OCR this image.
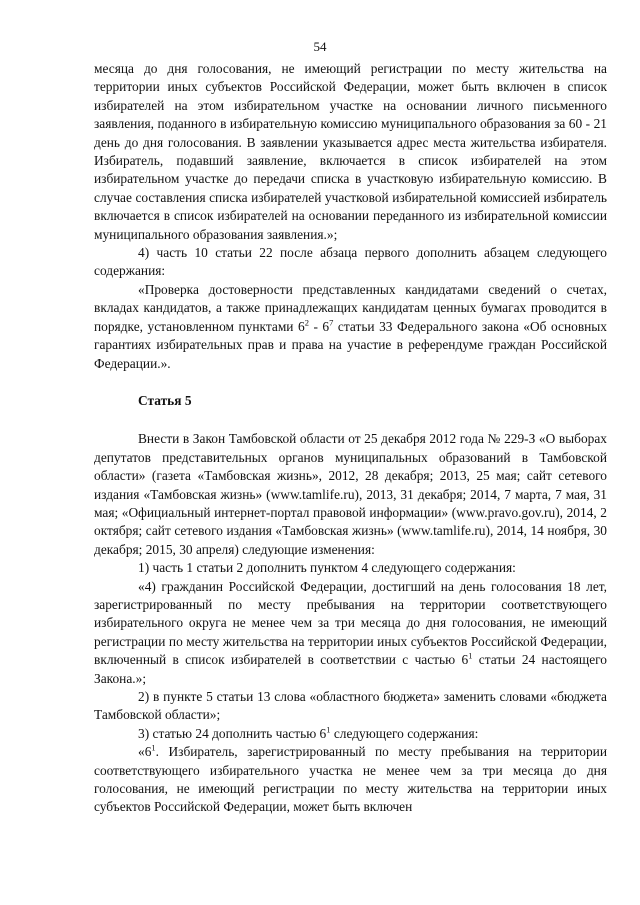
54

месяца до дня голосования, не имеющий регистрации по месту жительства на территории иных субъектов Российской Федерации, может быть включен в список избирателей на этом избирательном участке на основании личного письменного заявления, поданного в избирательную комиссию муниципального образования за 60 - 21 день до дня голосования. В заявлении указывается адрес места жительства избирателя. Избиратель, подавший заявление, включается в список избирателей на этом избирательном участке до передачи списка в участковую избирательную комиссию. В случае составления списка избирателей участковой избирательной комиссией избиратель включается в список избирателей на основании переданного из избирательной комиссии муниципального образования заявления.»;

4) часть 10 статьи 22 после абзаца первого дополнить абзацем следующего содержания:

«Проверка достоверности представленных кандидатами сведений о счетах, вкладах кандидатов, а также принадлежащих кандидатам ценных бумагах проводится в порядке, установленном пунктами $6^2 - 6^7$ статьи 33 Федерального закона «Об основных гарантиях избирательных прав и права на участие в референдуме граждан Российской Федерации.».

Статья 5

Внести в Закон Тамбовской области от 25 декабря 2012 года № 229-З «О выборах депутатов представительных органов муниципальных образований в Тамбовской области» (газета «Тамбовская жизнь», 2012, 28 декабря; 2013, 25 мая; сайт сетевого издания «Тамбовская жизнь» (www.tamlife.ru), 2013, 31 декабря; 2014, 7 марта, 7 мая, 31 мая; «Официальный интернет-портал правовой информации» (www.pravo.gov.ru), 2014, 2 октября; сайт сетевого издания «Тамбовская жизнь» (www.tamlife.ru), 2014, 14 ноября, 30 декабря; 2015, 30 апреля) следующие изменения:

1) часть 1 статьи 2 дополнить пунктом 4 следующего содержания:

«4) гражданин Российской Федерации, достигший на день голосования 18 лет, зарегистрированный по месту пребывания на территории соответствующего избирательного округа не менее чем за три месяца до дня голосования, не имеющий регистрации по месту жительства на территории иных субъектов Российской Федерации, включенный в список избирателей в соответствии с частью $6^1$ статьи 24 настоящего Закона.»;

2) в пункте 5 статьи 13 слова «областного бюджета» заменить словами «бюджета Тамбовской области»;

3) статью 24 дополнить частью $6^1$ следующего содержания:

«$6^1$. Избиратель, зарегистрированный по месту пребывания на территории соответствующего избирательного участка не менее чем за три месяца до дня голосования, не имеющий регистрации по месту жительства на территории иных субъектов Российской Федерации, может быть включен
